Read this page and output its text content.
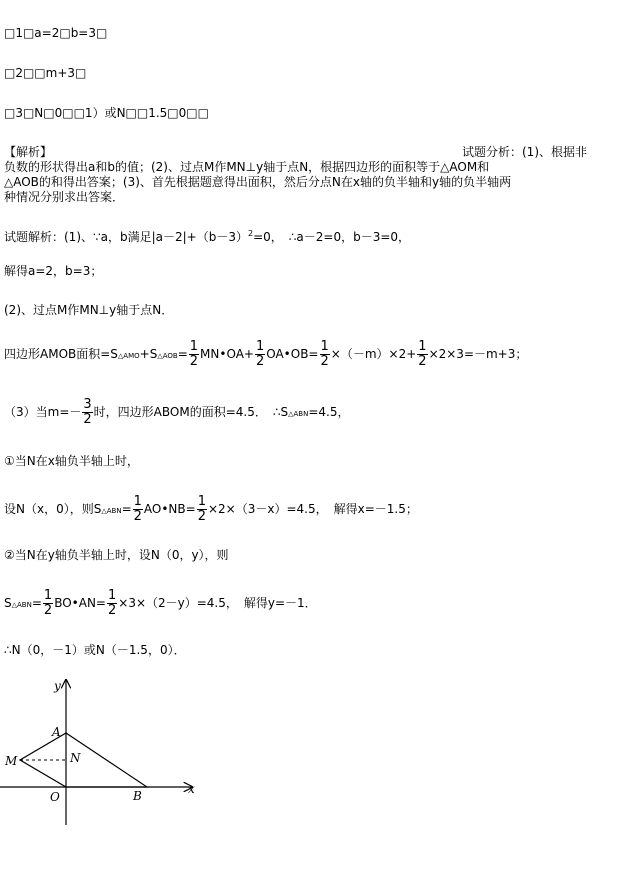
□1□a=2□b=3□
□2□□m+3□
□3□N□0□□1）或N□□1.5□0□□
【解析】	试题分析：(1)、根据非
负数的形状得出a和b的值；(2)、过点M作MN⊥y轴于点N，根据四边形的面积等于△AOM和
△AOB的和得出答案；(3)、首先根据题意得出面积，然后分点N在x轴的负半轴和y轴的负半轴两
种情况分别求出答案．
试题解析：(1)、∵a，b满足$|a-2|+(b-3)^2=0$，　∴a－2=0，b－3=0，
解得a=2，b=3；
(2)、过点M作MN⊥y轴于点N．
四边形AMOB面积=S△AMO+S△AOB= $\frac{1}{2}$ MN•OA+ $\frac{1}{2}$ OA•OB= $\frac{1}{2} \times(-m)\times 2+ \frac{1}{2} \times 2\times 3=-m+3$；
（3）当$m=- \frac{3}{2}$ 时，四边形ABOM的面积=4.5．　∴S△ABN=4.5，
①当N在x轴负半轴上时，
设N（x，0），则S△ABN= $\frac{1}{2}$ AO•NB= $\frac{1}{2} \times 2\times(3-x)=4.5$，　解得x=－1.5；
②当N在y轴负半轴上时，设N（0，y），则
S△ABN= $\frac{1}{2}$ BO•AN= $\frac{1}{2} \times 3\times(2-y)=4.5$，　解得y=－1．
∴N（0，－1）或N（－1.5，0）．
y
x
A
M	N
O	B
